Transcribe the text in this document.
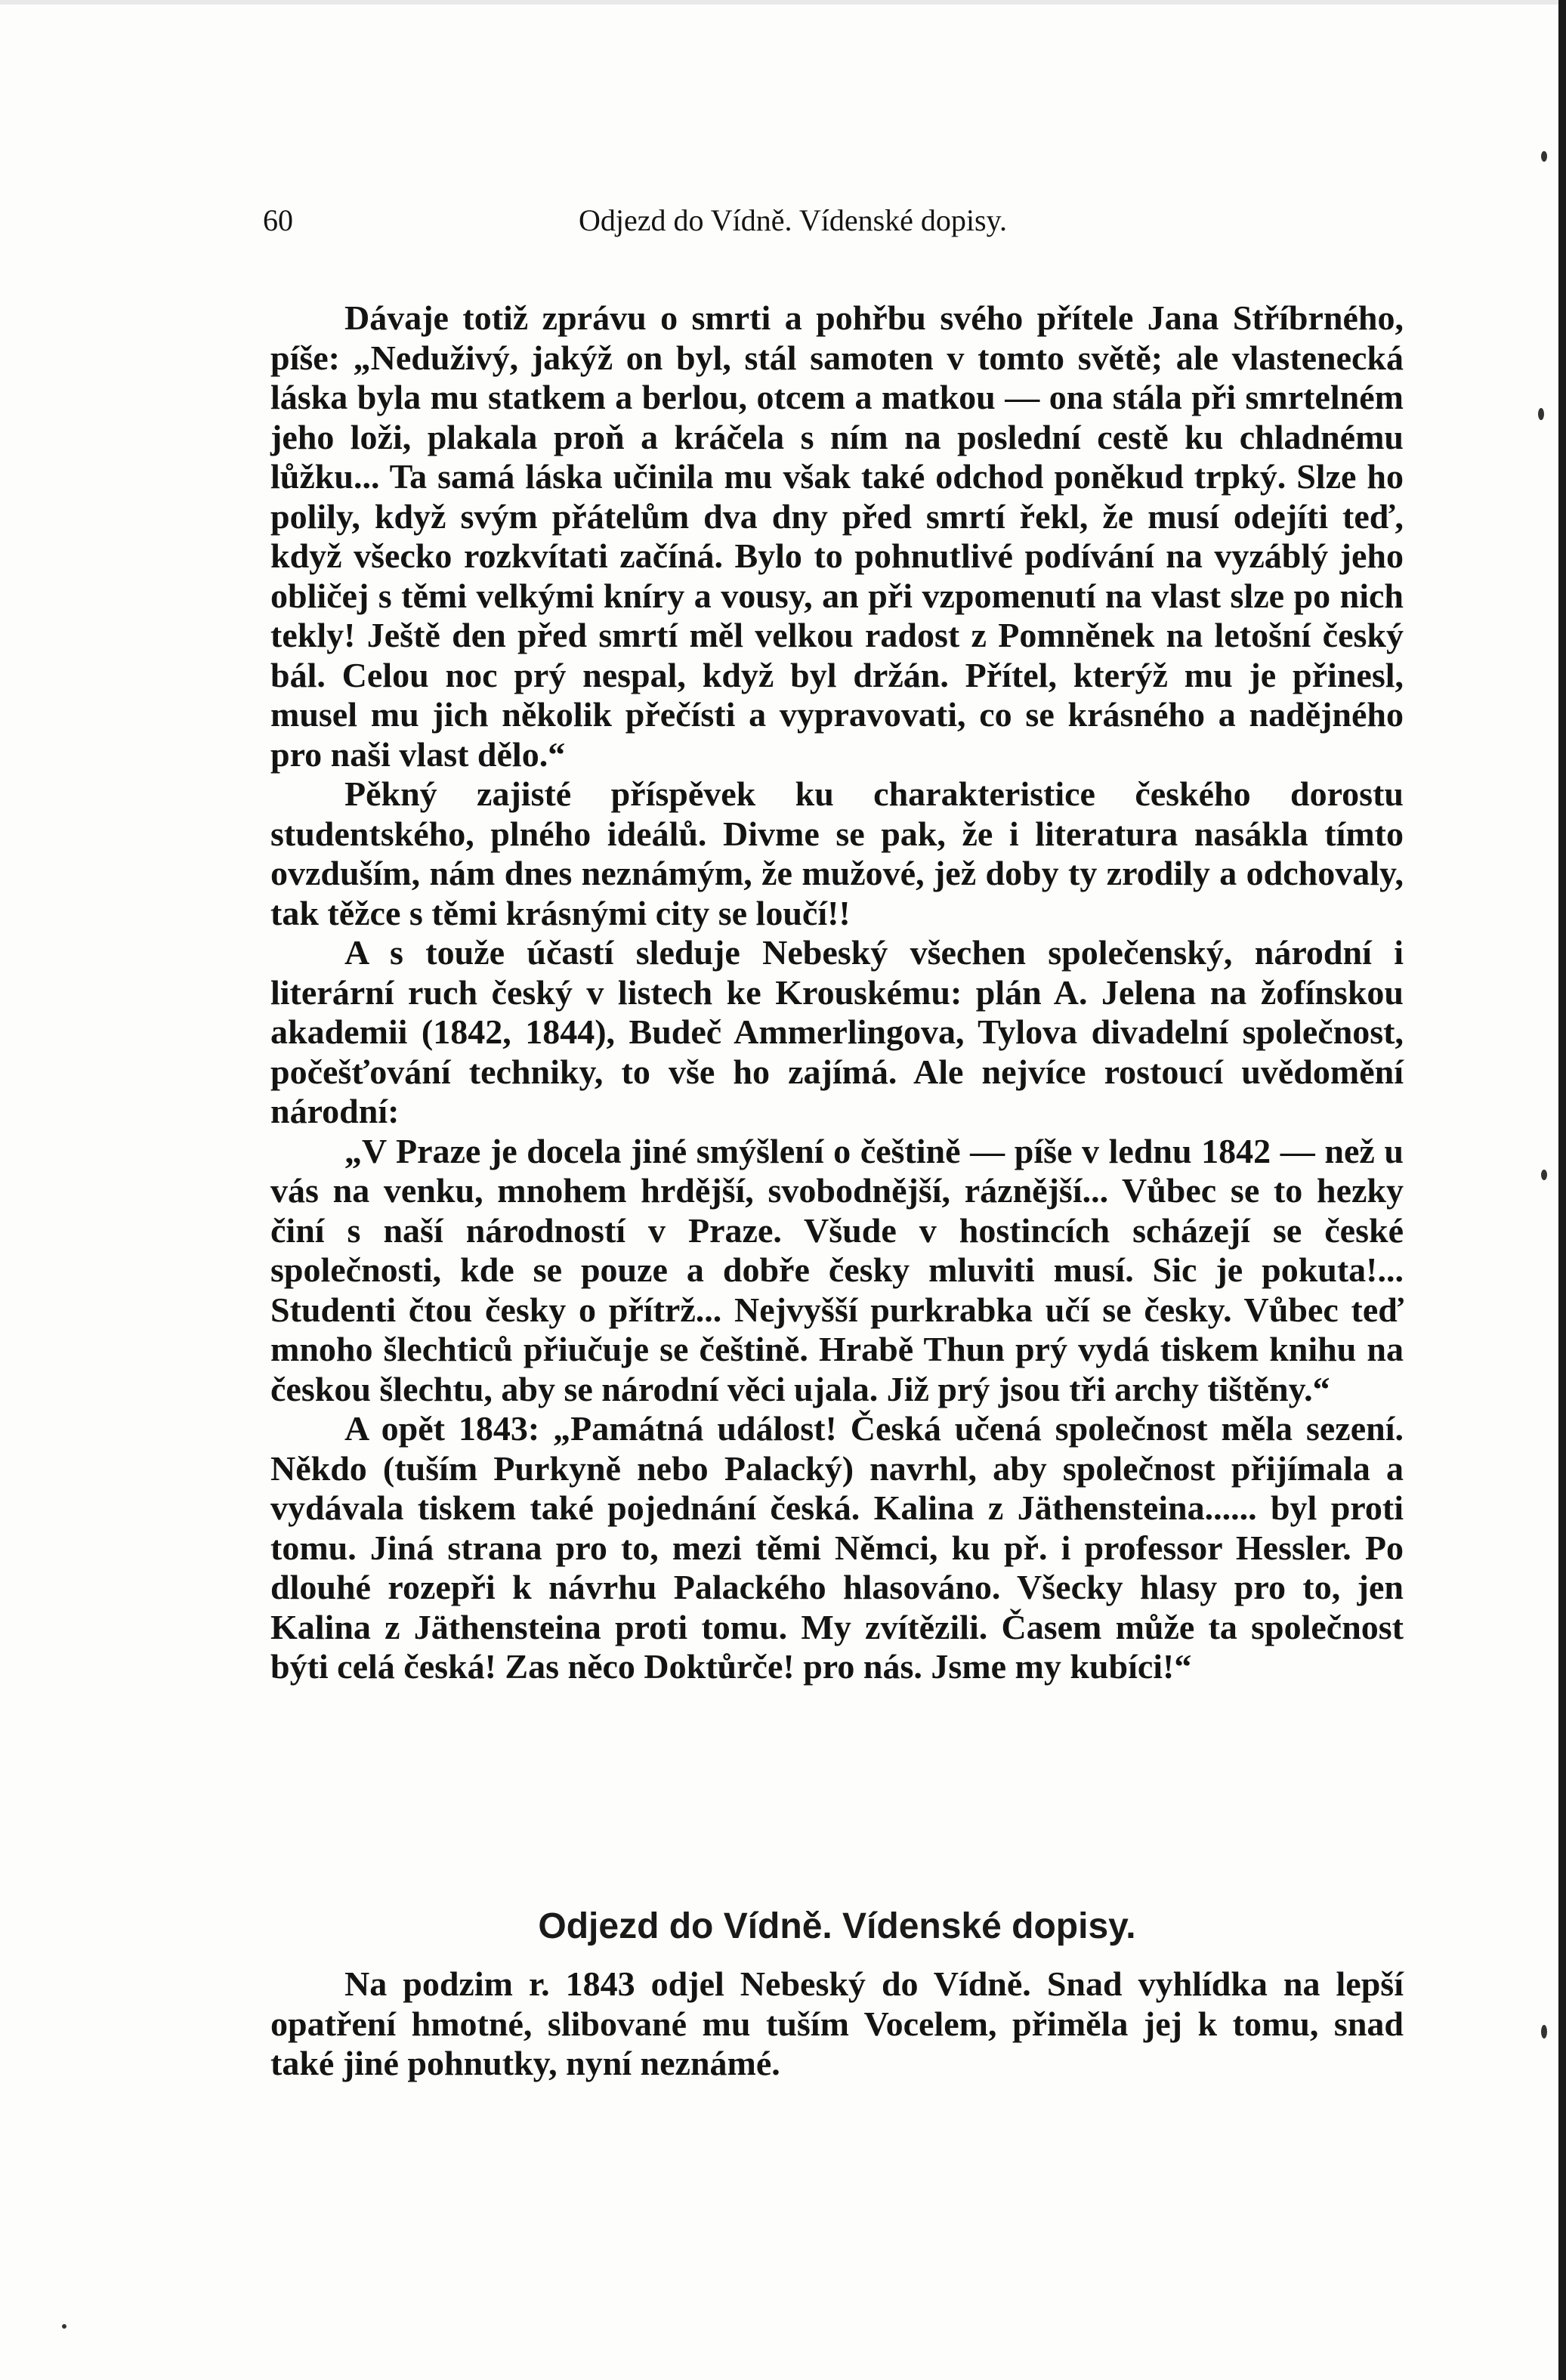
60	Odjezd do Vídně. Vídenské dopisy.

Dávaje totiž zprávu o smrti a pohřbu svého přítele Jana Stříbrného, píše: „Neduživý, jakýž on byl, stál samoten v tomto světě; ale vlastenecká láska byla mu statkem a berlou, otcem a matkou — ona stála při smrtelném jeho loži, plakala proň a kráčela s ním na poslední cestě ku chladnému lůžku... Ta samá láska učinila mu však také odchod poněkud trpký. Slze ho polily, když svým přátelům dva dny před smrtí řekl, že musí odejíti teď, když všecko rozkvítati začíná. Bylo to pohnutlivé podívání na vyzáblý jeho obličej s těmi velkými kníry a vousy, an při vzpomenutí na vlast slze po nich tekly! Ještě den před smrtí měl velkou radost z Pomněnek na letošní český bál. Celou noc prý nespal, když byl držán. Přítel, kterýž mu je přinesl, musel mu jich několik přečísti a vypravovati, co se krásného a nadějného pro naši vlast dělo.“

Pěkný zajisté příspěvek ku charakteristice českého dorostu studentského, plného ideálů. Divme se pak, že i literatura nasákla tímto ovzduším, nám dnes neznámým, že mužové, jež doby ty zrodily a odchovaly, tak těžce s těmi krásnými city se loučí!!

A s touže účastí sleduje Nebeský všechen společenský, národní i literární ruch český v listech ke Krouskému: plán A. Jelena na žofínskou akademii (1842, 1844), Budeč Ammerlingova, Tylova divadelní společnost, počešťování techniky, to vše ho zajímá. Ale nejvíce rostoucí uvědomění národní:

„V Praze je docela jiné smýšlení o češtině — píše v lednu 1842 — než u vás na venku, mnohem hrdější, svobodnější, ráznější... Vůbec se to hezky činí s naší národností v Praze. Všude v hostincích scházejí se české společnosti, kde se pouze a dobře česky mluviti musí. Sic je pokuta!... Studenti čtou česky o přítrž... Nejvyšší purkrabka učí se česky. Vůbec teď mnoho šlechticů přiučuje se češtině. Hrabě Thun prý vydá tiskem knihu na českou šlechtu, aby se národní věci ujala. Již prý jsou tři archy tištěny.“

A opět 1843: „Památná událost! Česká učená společnost měla sezení. Někdo (tuším Purkyně nebo Palacký) navrhl, aby společnost přijímala a vydávala tiskem také pojednání česká. Kalina z Jäthensteina...... byl proti tomu. Jiná strana pro to, mezi těmi Němci, ku př. i professor Hessler. Po dlouhé rozepři k návrhu Palackého hlasováno. Všecky hlasy pro to, jen Kalina z Jäthensteina proti tomu. My zvítězili. Časem může ta společnost býti celá česká! Zas něco Doktůrče! pro nás. Jsme my kubíci!“

Odjezd do Vídně. Vídenské dopisy.

Na podzim r. 1843 odjel Nebeský do Vídně. Snad vyhlídka na lepší opatření hmotné, slibované mu tuším Vocelem, přiměla jej k tomu, snad také jiné pohnutky, nyní neznámé.
